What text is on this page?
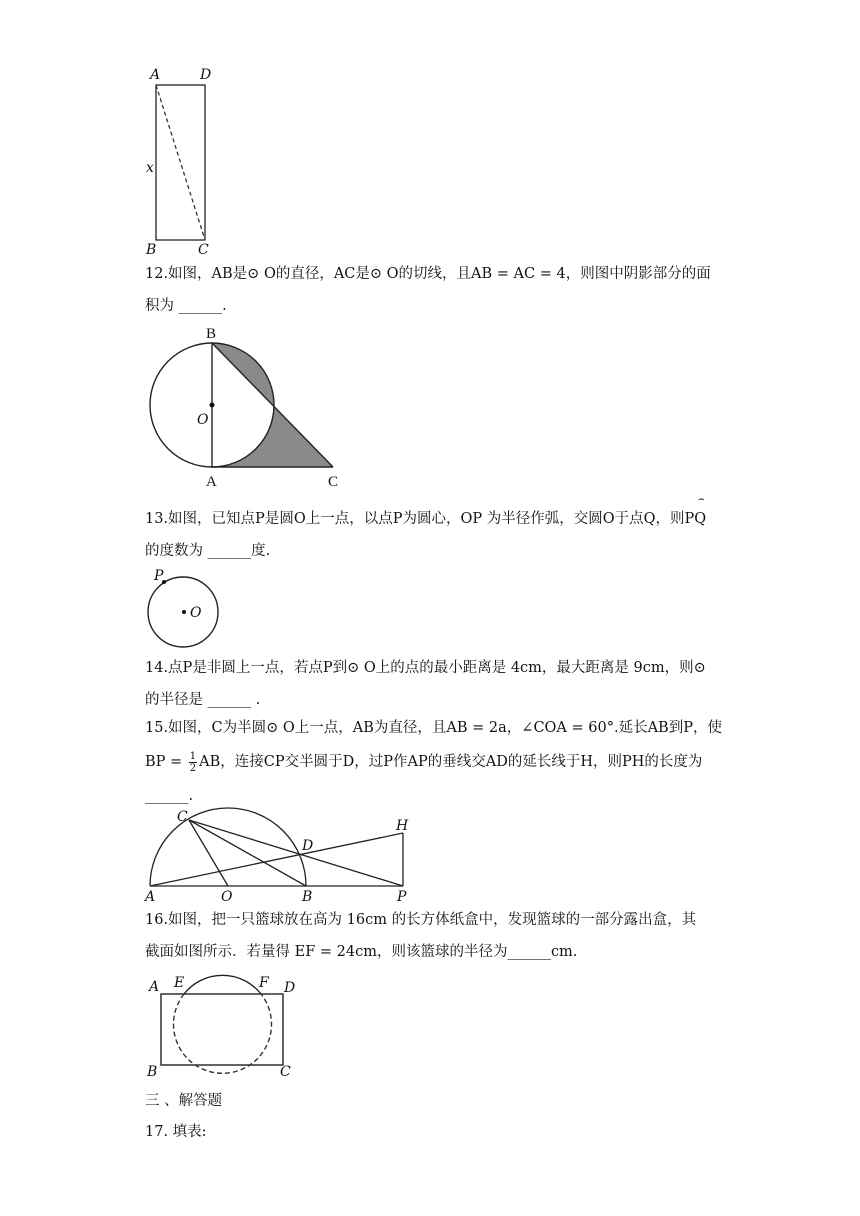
A	D
x
B	C
12.如图，AB是⊙ O的直径，AC是⊙ O的切线，且AB = AC = 4，则图中阴影部分的面
积为 ______.
B
O
A	C
⌢
13.如图，已知点P是圆O上一点，以点P为圆心，OP 为半径作弧，交圆O于点Q，则PQ
的度数为 ______度.
P
O
14.点P是非圆上一点，若点P到⊙ O上的点的最小距离是 4cm，最大距离是 9cm，则⊙
的半径是 ______ .
15.如图，C为半圆⊙ O上一点，AB为直径，且AB = 2a，∠COA = 60°.延长AB到P，使
BP = $\frac{1}{2}$ AB，连接CP交半圆于D，过P作AP的垂线交AD的延长线于H，则PH的长度为
______.
C
H
D
A	O	B	P
16.如图，把一只篮球放在高为 16cm 的长方体纸盒中，发现篮球的一部分露出盒，其
截面如图所示．若量得 EF = 24cm，则该篮球的半径为______cm.
A E	F D
B	C
三 、解答题
17. 填表:
